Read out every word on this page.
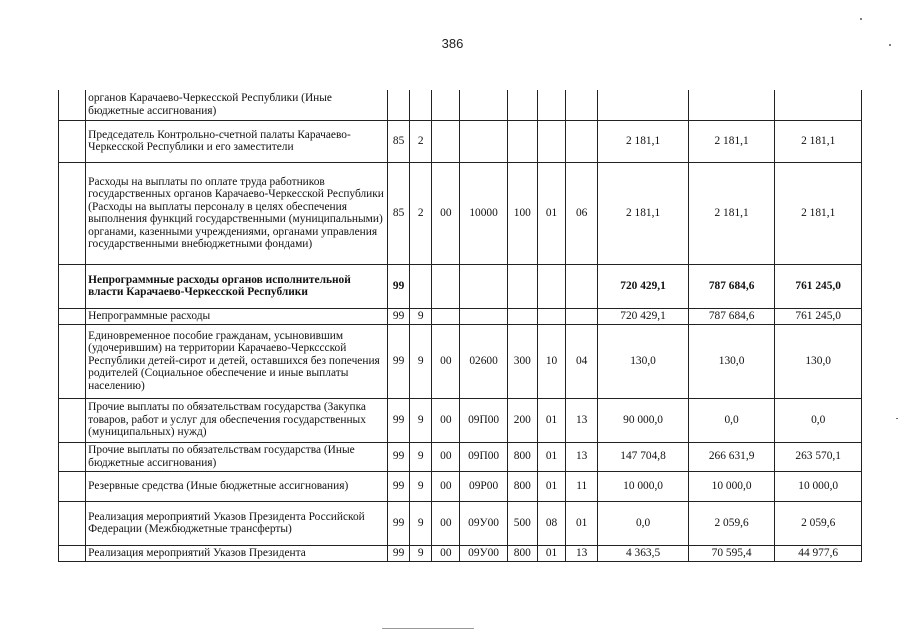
386
	органов Карачаево-Черкесской Республики (Иные бюджетные ассигнования)										
	Председатель Контрольно-счетной палаты Карачаево-Черкесской Республики и его заместители	85	2						2 181,1	2 181,1	2 181,1
	Расходы на выплаты по оплате труда работников государственных органов Карачаево-Черкесской Республики (Расходы на выплаты персоналу в целях обеспечения выполнения функций государственными (муниципальными) органами, казенными учреждениями, органами управления государственными внебюджетными фондами)	85	2	00	10000	100	01	06	2 181,1	2 181,1	2 181,1
	Непрограммные расходы органов исполнительной власти Карачаево-Черкесской Республики	99							720 429,1	787 684,6	761 245,0
	Непрограммные расходы	99	9						720 429,1	787 684,6	761 245,0
	Единовременное пособие гражданам, усыновившим (удочерившим) на территории Карачаево-Черкссской Республики детей-сирот и детей, оставшихся без попечения родителей (Социальное обеспечение и иные выплаты населению)	99	9	00	02600	300	10	04	130,0	130,0	130,0
	Прочие выплаты по обязательствам государства (Закупка товаров, работ и услуг для обеспечения государственных (муниципальных) нужд)	99	9	00	09П00	200	01	13	90 000,0	0,0	0,0
	Прочие выплаты по обязательствам государства (Иные бюджетные ассигнования)	99	9	00	09П00	800	01	13	147 704,8	266 631,9	263 570,1
	Резервные средства (Иные бюджетные ассигнования)	99	9	00	09Р00	800	01	11	10 000,0	10 000,0	10 000,0
	Реализация мероприятий Указов Президента Российской Федерации (Межбюджетные трансферты)	99	9	00	09У00	500	08	01	0,0	2 059,6	2 059,6
	Реализация мероприятий Указов Президента	99	9	00	09У00	800	01	13	4 363,5	70 595,4	44 977,6
